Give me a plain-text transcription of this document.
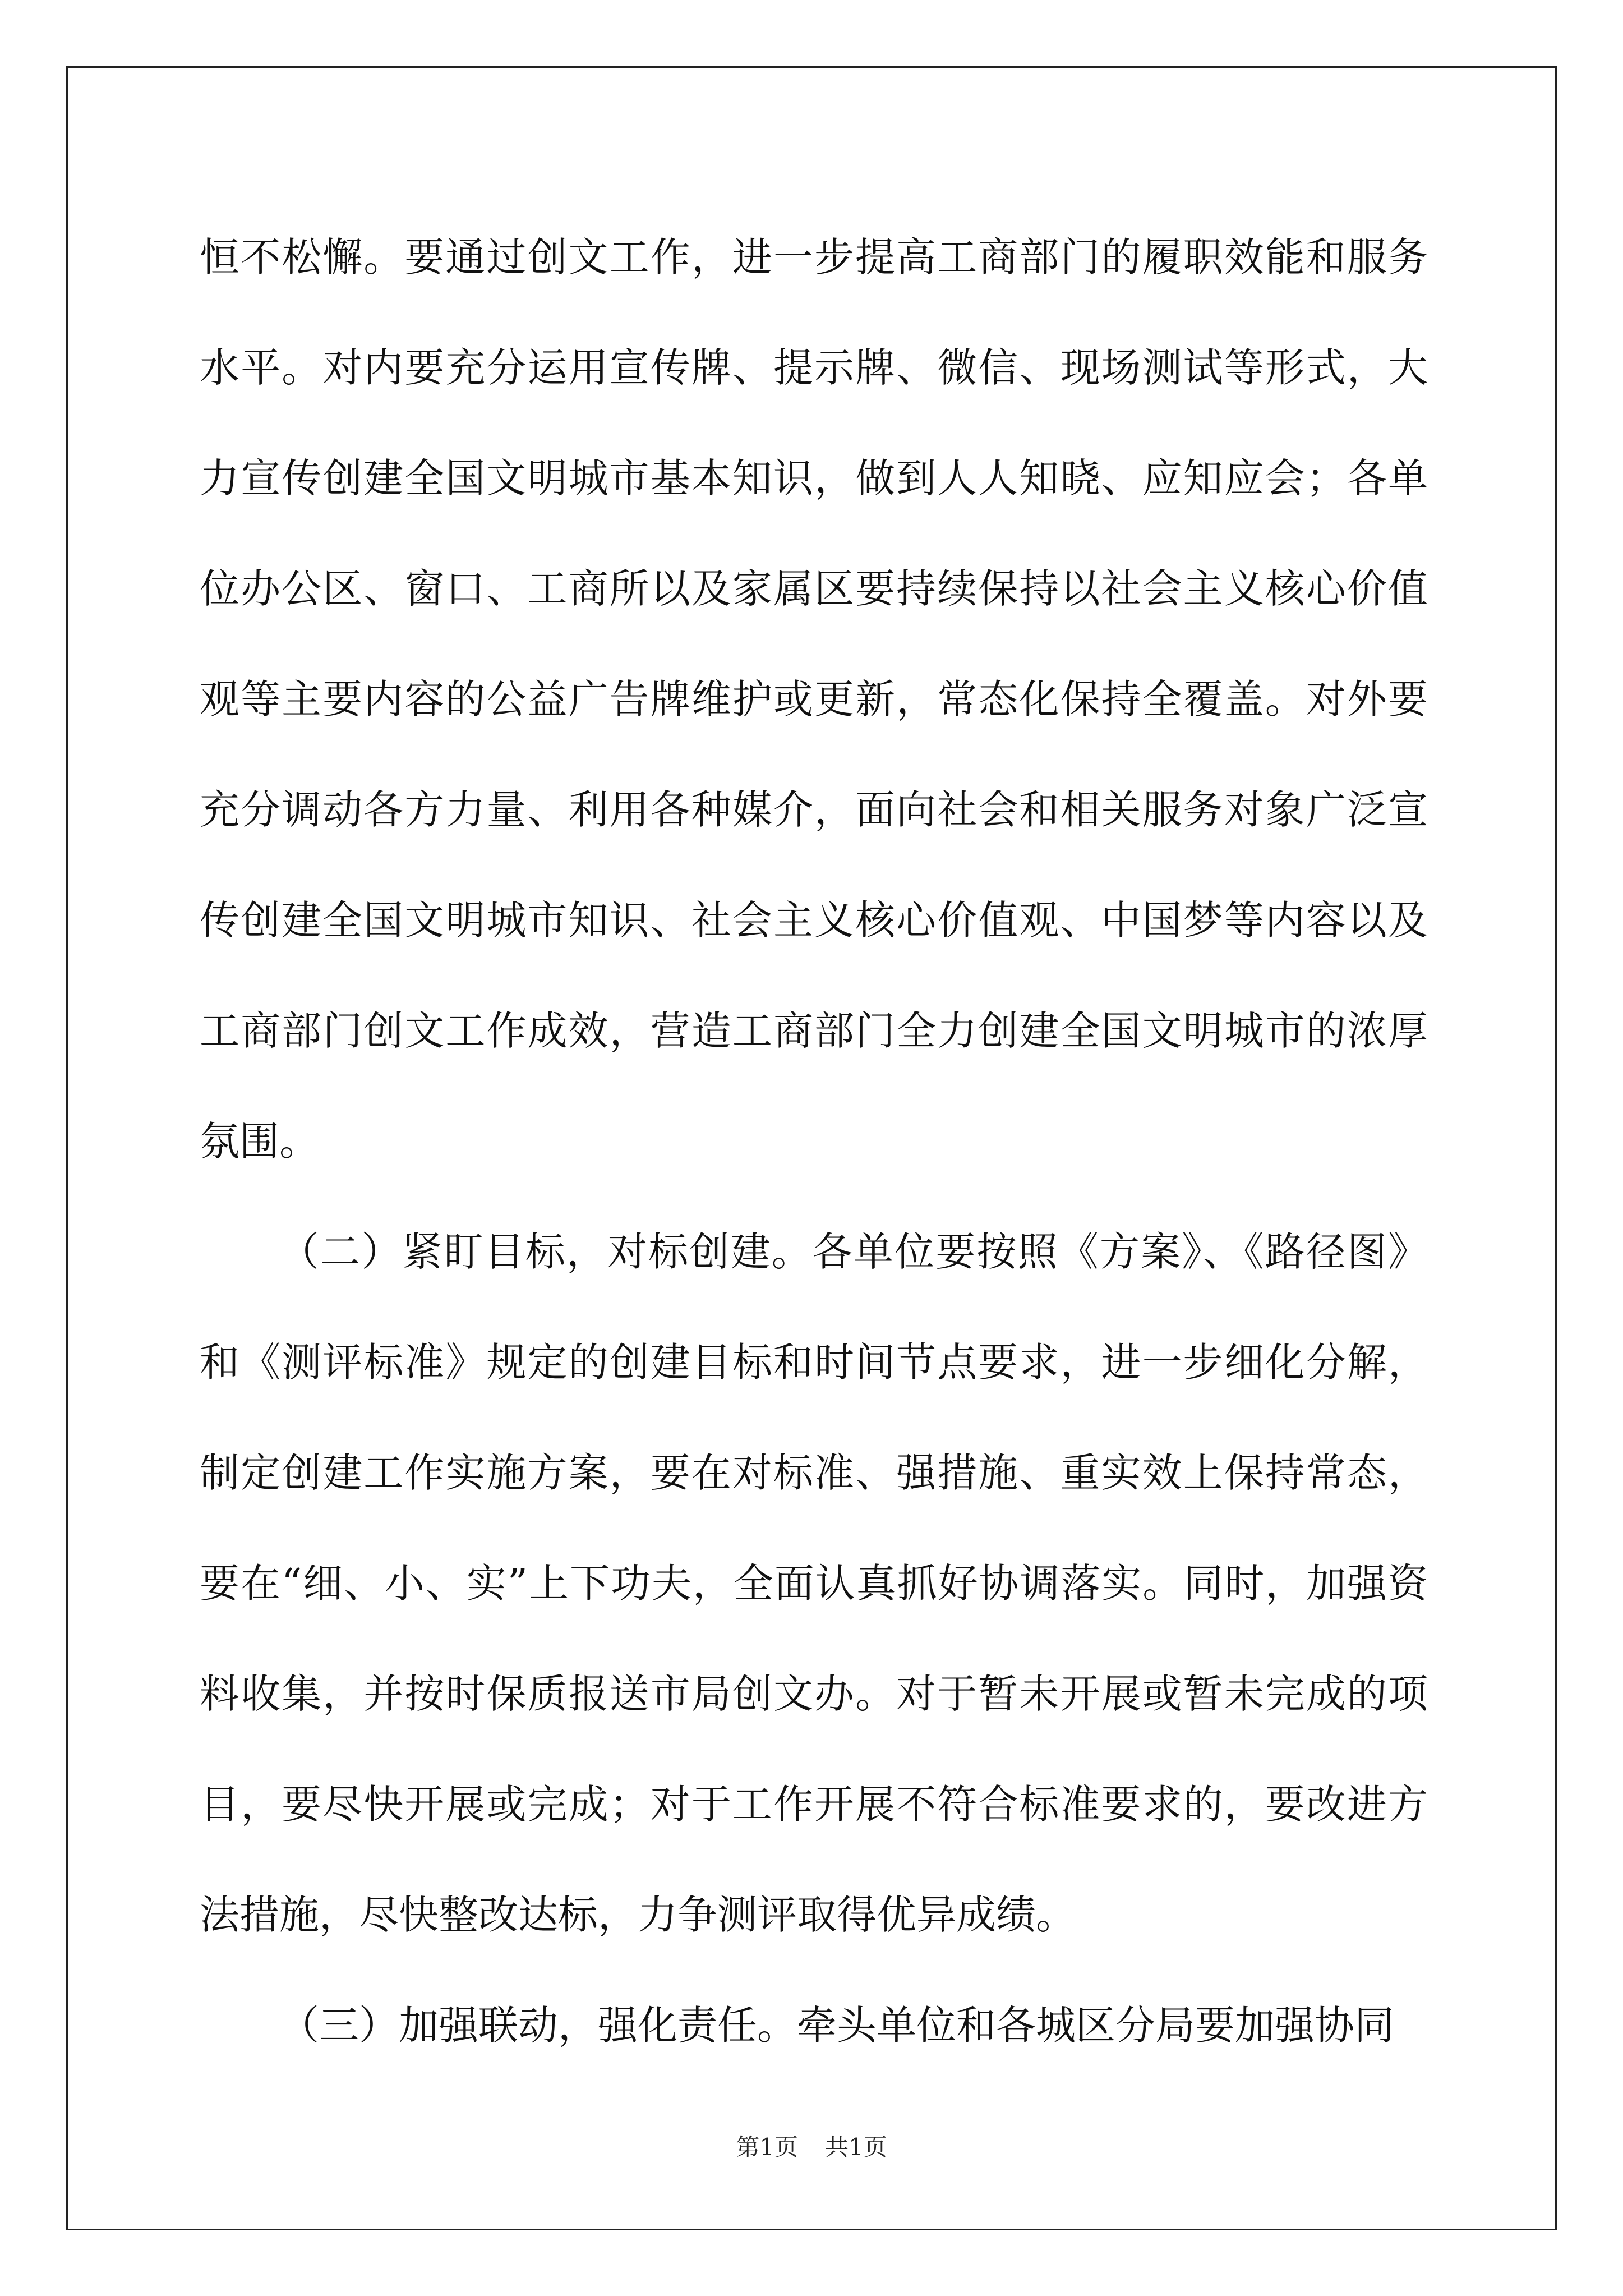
恒不松懈。要通过创文工作，进一步提高工商部门的履职效能和服务水平。对内要充分运用宣传牌、提示牌、微信、现场测试等形式，大力宣传创建全国文明城市基本知识，做到人人知晓、应知应会；各单位办公区、窗口、工商所以及家属区要持续保持以社会主义核心价值观等主要内容的公益广告牌维护或更新，常态化保持全覆盖。对外要充分调动各方力量、利用各种媒介，面向社会和相关服务对象广泛宣传创建全国文明城市知识、社会主义核心价值观、中国梦等内容以及工商部门创文工作成效，营造工商部门全力创建全国文明城市的浓厚氛围。

（二）紧盯目标，对标创建。各单位要按照《方案》、《路径图》和《测评标准》规定的创建目标和时间节点要求，进一步细化分解，制定创建工作实施方案，要在对标准、强措施、重实效上保持常态，要在“细、小、实”上下功夫，全面认真抓好协调落实。同时，加强资料收集，并按时保质报送市局创文办。对于暂未开展或暂未完成的项目，要尽快开展或完成；对于工作开展不符合标准要求的，要改进方法措施，尽快整改达标，力争测评取得优异成绩。

（三）加强联动，强化责任。牵头单位和各城区分局要加强协同

第1页 共1页
